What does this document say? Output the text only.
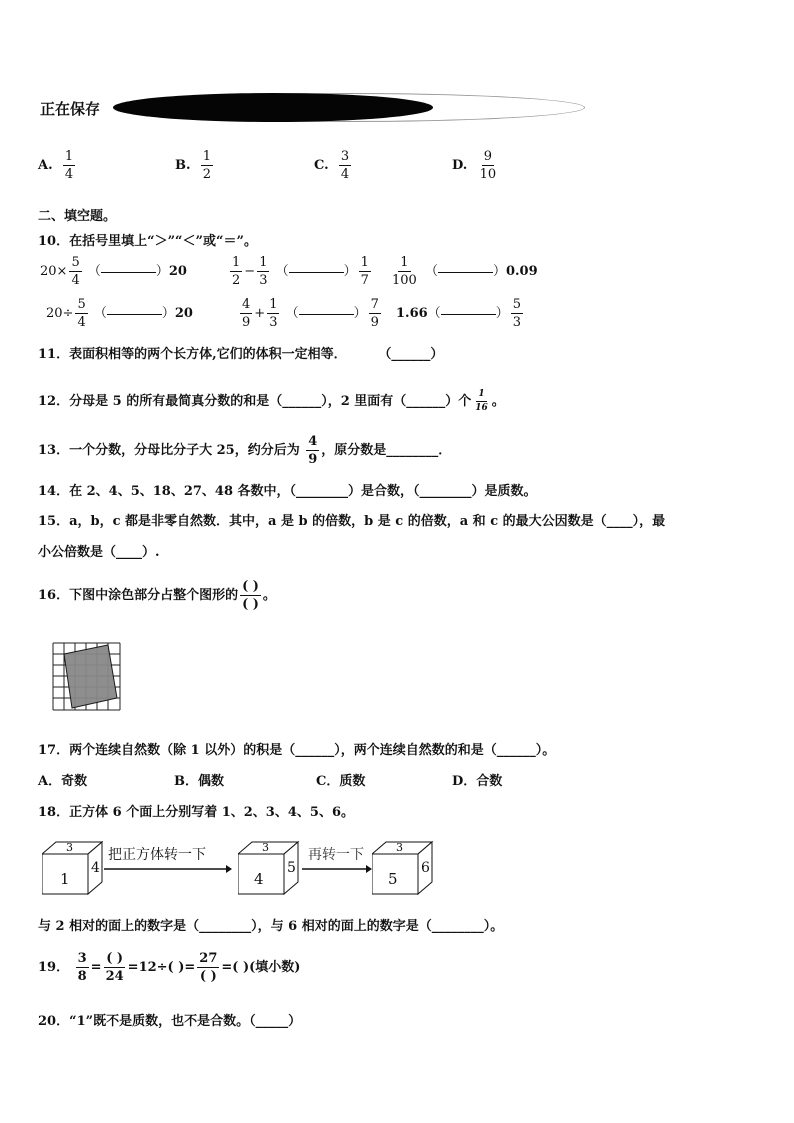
正在保存
A. $\frac{1}{4}$	B. $\frac{1}{2}$	C. $\frac{3}{4}$	D. $\frac{9}{10}$
二、填空题。
10．在括号里填上“＞”“＜”或“＝”。
$20\times \frac{5}{4}$ （	）20	$\frac{1}{2} - \frac{1}{3}$ （	） $\frac{1}{7} \frac{1}{100}$ （	）0.09
$20\div \frac{5}{4}$ （	）20	$\frac{4}{9} + \frac{1}{3}$ （	） $\frac{7}{9} 1.66$（	） $\frac{5}{3}$
11．表面积相等的两个长方体,它们的体积一定相等． （______）
12．分母是 5 的所有最简真分数的和是（______），2 里面有（______）个 $\frac{1}{16}$ 。
13．一个分数，分母比分子大 25，约分后为 $\frac{4}{9}$ ，原分数是________．
14．在 2、4、5、18、27、48 各数中，（________）是合数，（________）是质数。
15．a，b，c 都是非零自然数．其中，a 是 b 的倍数，b 是 c 的倍数，a 和 c 的最大公因数是（____），最
小公倍数是（____）.
16．下图中涂色部分占整个图形的 $\frac{( )}{( )}$ 。
17．两个连续自然数（除 1 以外）的积是（______），两个连续自然数的和是（______）。
A．奇数	B．偶数	C．质数	D．合数
18．正方体 6 个面上分别写着 1、2、3、4、5、6。
3
1
4
把正方体转一下	3
4
5
再转一下	3
5
6
与 2 相对的面上的数字是（________），与 6 相对的面上的数字是（________）。
19． $\frac{3}{8} = \frac{( )}{24} =12\div$( )= $\frac{27}{( )}$ =( )(填小数)
20．“1”既不是质数，也不是合数。（_____）
